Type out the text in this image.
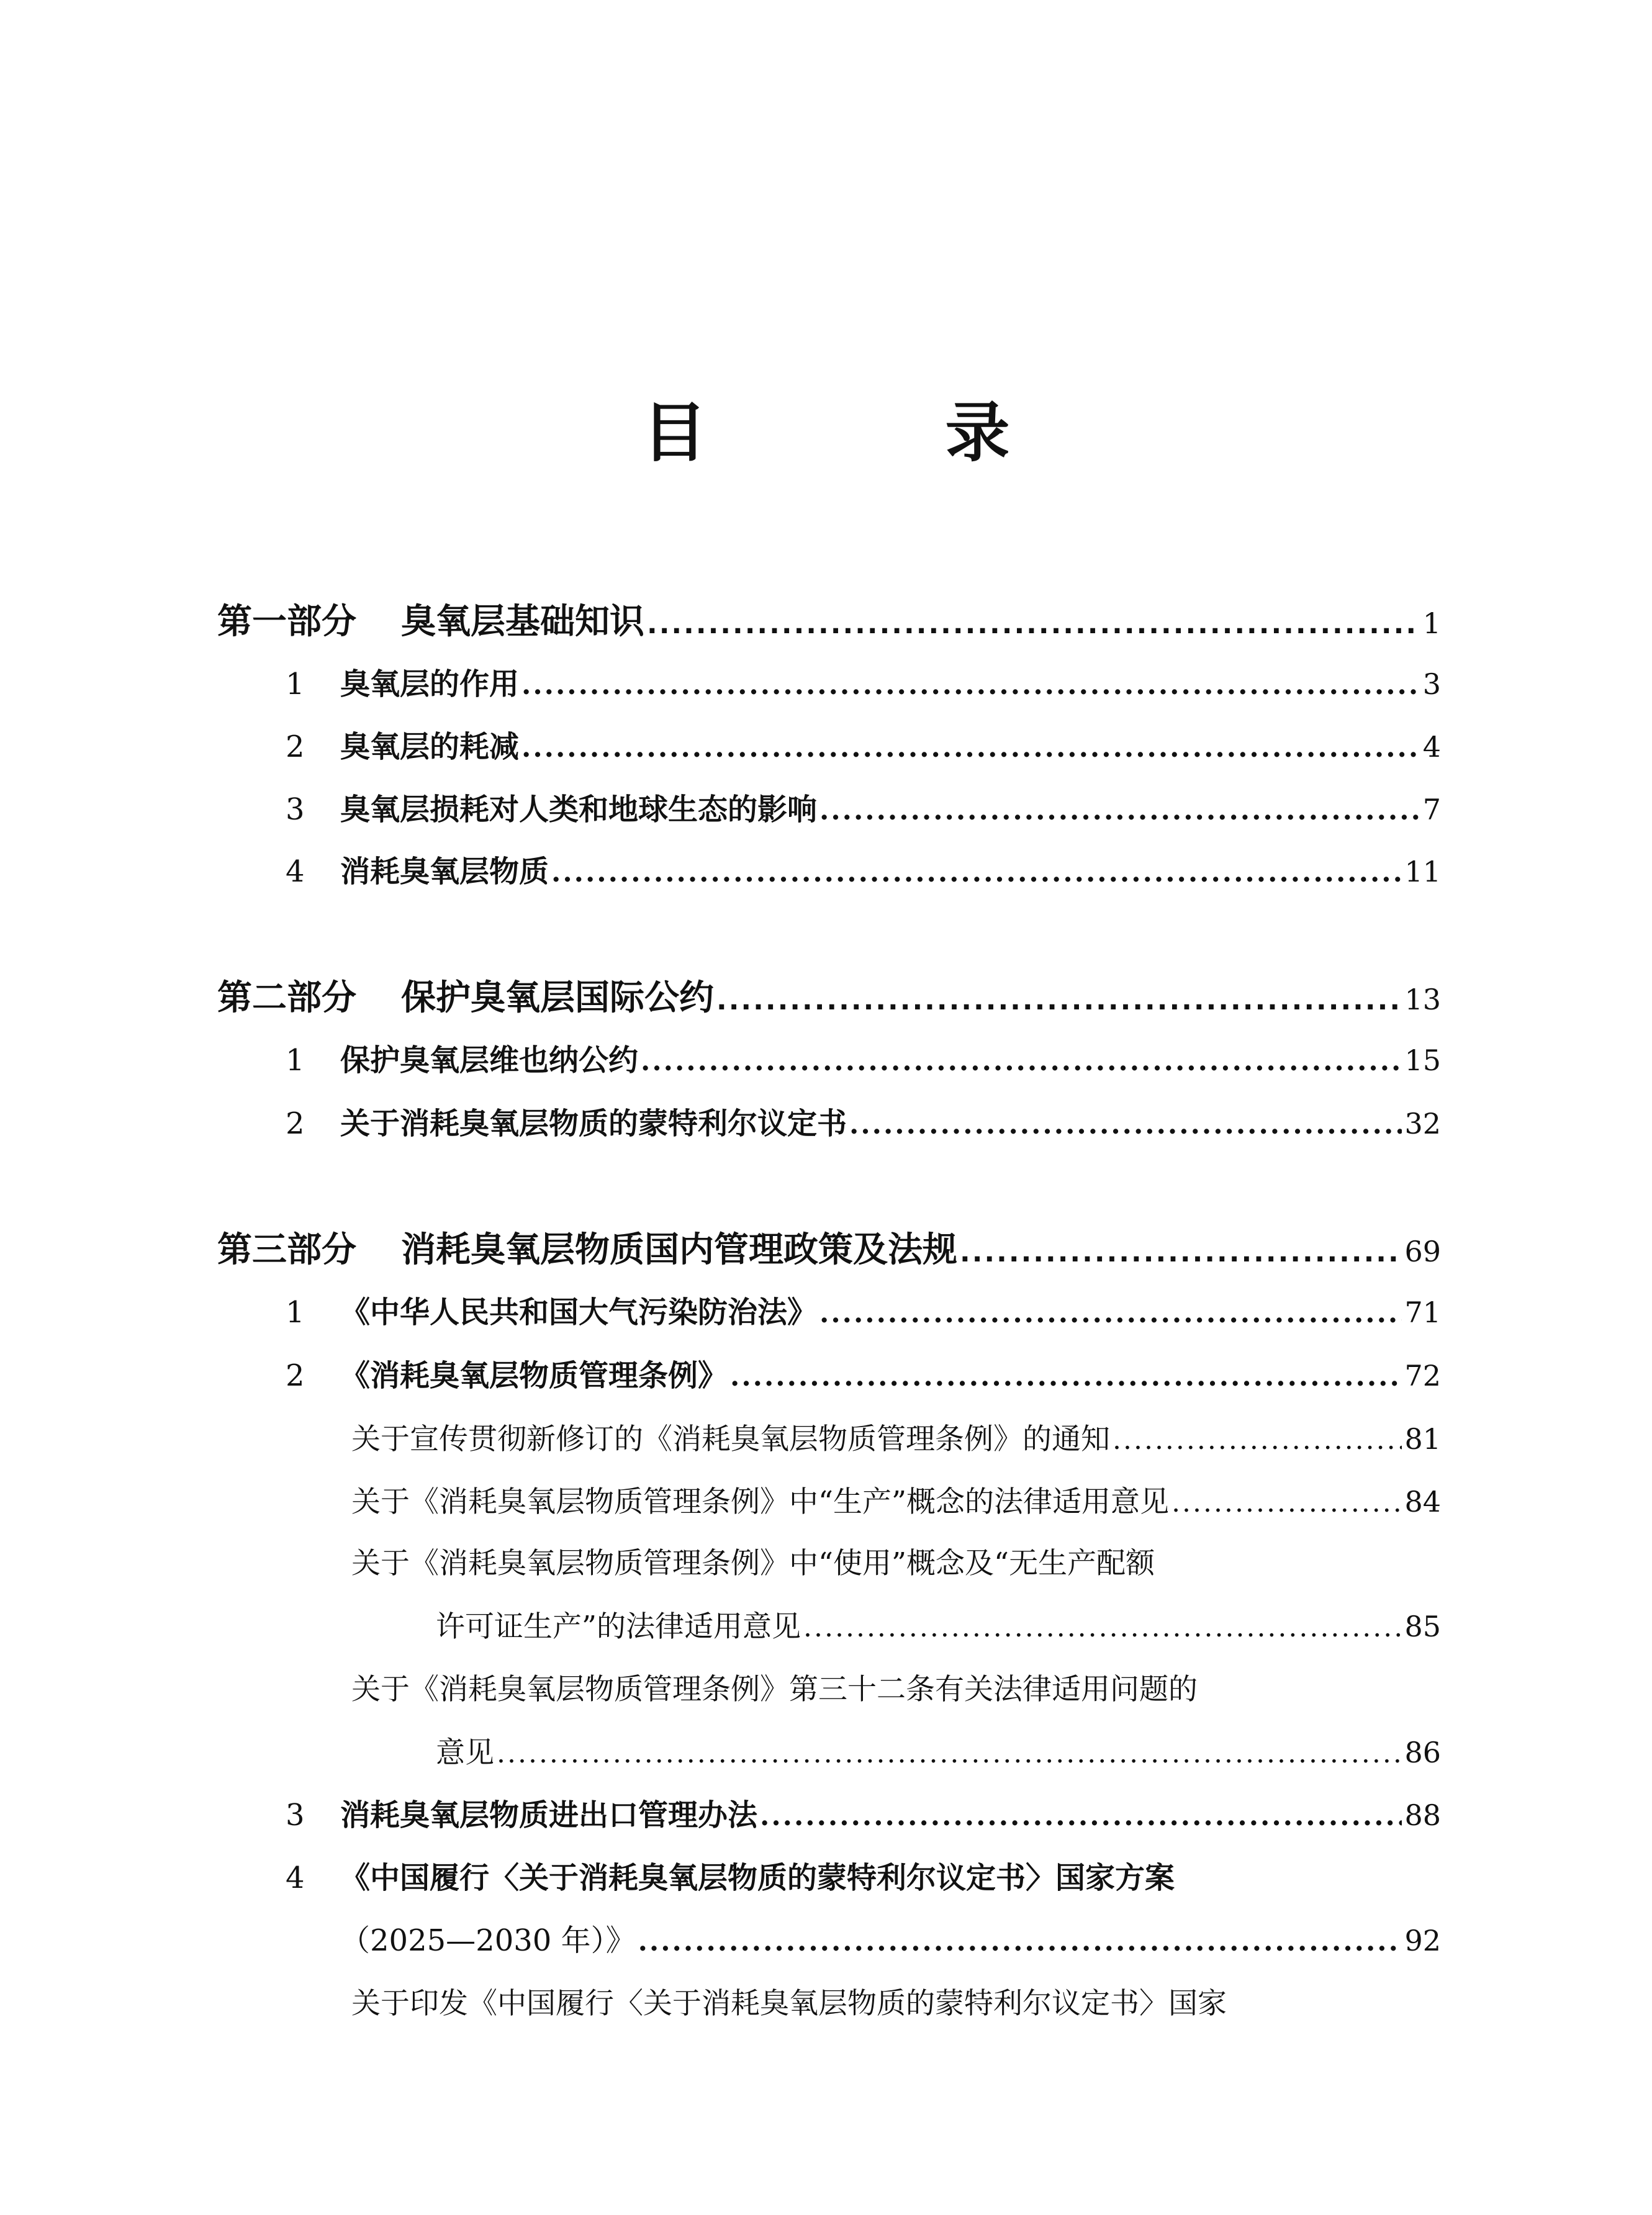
目　录
第一部分 臭氧层基础知识 .....	1
1 臭氧层的作用 .....	3
2 臭氧层的耗减 .....	4
3 臭氧层损耗对人类和地球生态的影响 .....	7
4 消耗臭氧层物质 .....	11
第二部分 保护臭氧层国际公约 .....	13
1 保护臭氧层维也纳公约 .....	15
2 关于消耗臭氧层物质的蒙特利尔议定书 .....	32
第三部分 消耗臭氧层物质国内管理政策及法规 .....	69
1 《中华人民共和国大气污染防治法》 .....	71
2 《消耗臭氧层物质管理条例》 .....	72
关于宣传贯彻新修订的《消耗臭氧层物质管理条例》的通知 .....	81
关于《消耗臭氧层物质管理条例》中“生产”概念的法律适用意见 .....	84
关于《消耗臭氧层物质管理条例》中“使用”概念及“无生产配额
许可证生产”的法律适用意见 .....	85
关于《消耗臭氧层物质管理条例》第三十二条有关法律适用问题的
意见 .....	86
3 消耗臭氧层物质进出口管理办法 .....	88
4 《中国履行〈关于消耗臭氧层物质的蒙特利尔议定书〉国家方案
（2025—2030 年）》 .....	92
关于印发《中国履行〈关于消耗臭氧层物质的蒙特利尔议定书〉国家
